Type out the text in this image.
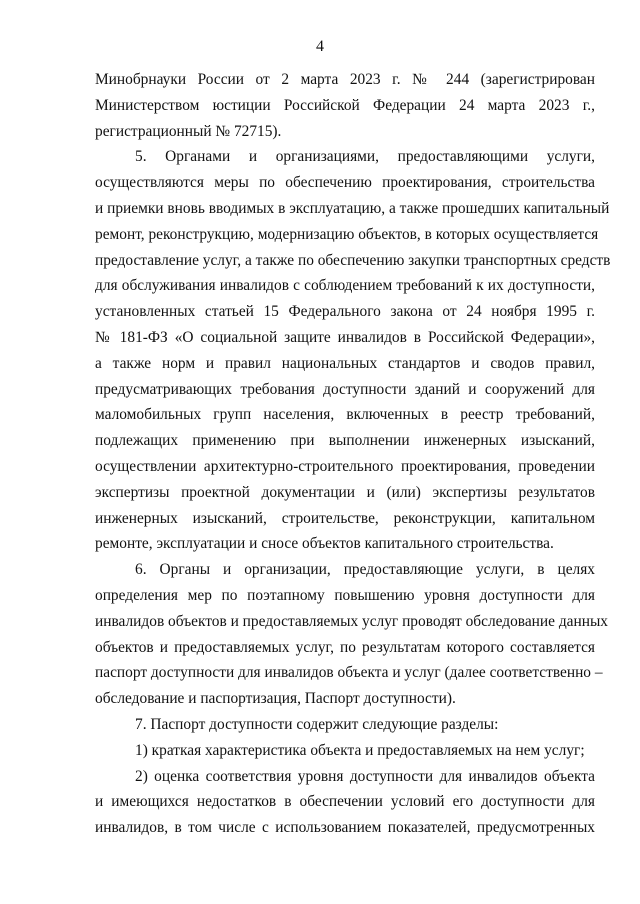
4
Минобрнауки России от 2 марта 2023 г. № 244 (зарегистрирован
Министерством юстиции Российской Федерации 24 марта 2023 г.,
регистрационный № 72715).
5. Органами и организациями, предоставляющими услуги,
осуществляются меры по обеспечению проектирования, строительства
и приемки вновь вводимых в эксплуатацию, а также прошедших капитальный
ремонт, реконструкцию, модернизацию объектов, в которых осуществляется
предоставление услуг, а также по обеспечению закупки транспортных средств
для обслуживания инвалидов с соблюдением требований к их доступности,
установленных статьей 15 Федерального закона от 24 ноября 1995 г.
№ 181-ФЗ «О социальной защите инвалидов в Российской Федерации»,
а также норм и правил национальных стандартов и сводов правил,
предусматривающих требования доступности зданий и сооружений для
маломобильных групп населения, включенных в реестр требований,
подлежащих применению при выполнении инженерных изысканий,
осуществлении архитектурно-строительного проектирования, проведении
экспертизы проектной документации и (или) экспертизы результатов
инженерных изысканий, строительстве, реконструкции, капитальном
ремонте, эксплуатации и сносе объектов капитального строительства.
6. Органы и организации, предоставляющие услуги, в целях
определения мер по поэтапному повышению уровня доступности для
инвалидов объектов и предоставляемых услуг проводят обследование данных
объектов и предоставляемых услуг, по результатам которого составляется
паспорт доступности для инвалидов объекта и услуг (далее соответственно –
обследование и паспортизация, Паспорт доступности).
7. Паспорт доступности содержит следующие разделы:
1) краткая характеристика объекта и предоставляемых на нем услуг;
2) оценка соответствия уровня доступности для инвалидов объекта
и имеющихся недостатков в обеспечении условий его доступности для
инвалидов, в том числе с использованием показателей, предусмотренных
